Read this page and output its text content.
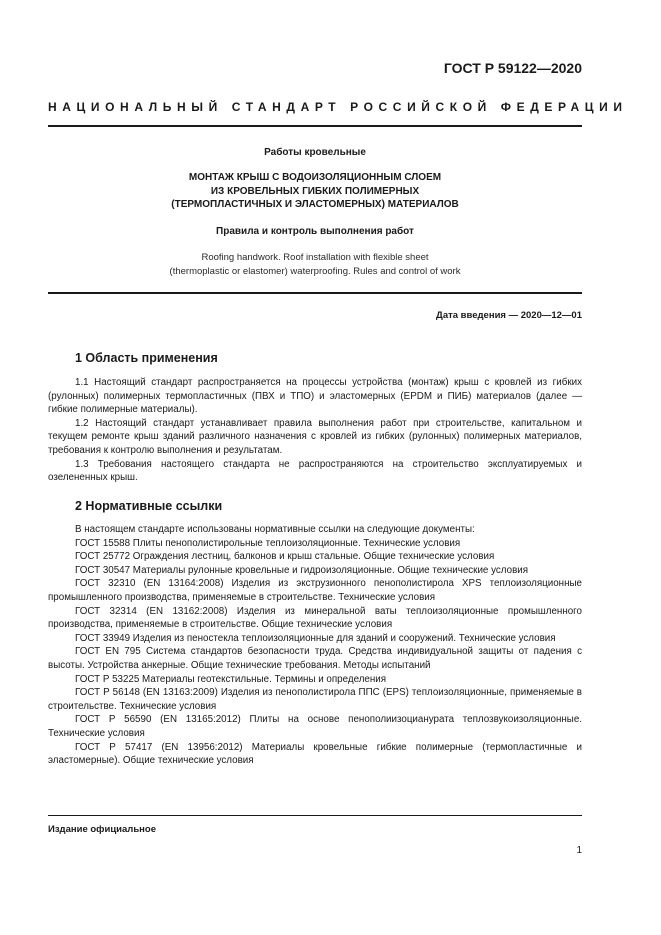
ГОСТ Р 59122—2020
НАЦИОНАЛЬНЫЙ СТАНДАРТ РОССИЙСКОЙ ФЕДЕРАЦИИ
Работы кровельные
МОНТАЖ КРЫШ С ВОДОИЗОЛЯЦИОННЫМ СЛОЕМ
ИЗ КРОВЕЛЬНЫХ ГИБКИХ ПОЛИМЕРНЫХ
(ТЕРМОПЛАСТИЧНЫХ И ЭЛАСТОМЕРНЫХ) МАТЕРИАЛОВ
Правила и контроль выполнения работ
Roofing handwork. Roof installation with flexible sheet
(thermoplastic or elastomer) waterproofing. Rules and control of work
Дата введения — 2020—12—01
1 Область применения

1.1 Настоящий стандарт распространяется на процессы устройства (монтаж) крыш с кровлей из гибких (рулонных) полимерных термопластичных (ПВХ и ТПО) и эластомерных (EPDM и ПИБ) материалов (далее — гибкие полимерные материалы).

1.2 Настоящий стандарт устанавливает правила выполнения работ при строительстве, капитальном и текущем ремонте крыш зданий различного назначения с кровлей из гибких (рулонных) полимерных материалов, требования к контролю выполнения и результатам.

1.3 Требования настоящего стандарта не распространяются на строительство эксплуатируемых и озелененных крыш.

2 Нормативные ссылки

В настоящем стандарте использованы нормативные ссылки на следующие документы:

ГОСТ 15588 Плиты пенополистирольные теплоизоляционные. Технические условия

ГОСТ 25772 Ограждения лестниц, балконов и крыш стальные. Общие технические условия

ГОСТ 30547 Материалы рулонные кровельные и гидроизоляционные. Общие технические условия

ГОСТ 32310 (EN 13164:2008) Изделия из экструзионного пенополистирола XPS теплоизоляционные промышленного производства, применяемые в строительстве. Технические условия

ГОСТ 32314 (EN 13162:2008) Изделия из минеральной ваты теплоизоляционные промышленного производства, применяемые в строительстве. Общие технические условия

ГОСТ 33949 Изделия из пеностекла теплоизоляционные для зданий и сооружений. Технические условия

ГОСТ EN 795 Система стандартов безопасности труда. Средства индивидуальной защиты от падения с высоты. Устройства анкерные. Общие технические требования. Методы испытаний

ГОСТ Р 53225 Материалы геотекстильные. Термины и определения

ГОСТ Р 56148 (EN 13163:2009) Изделия из пенополистирола ППС (EPS) теплоизоляционные, применяемые в строительстве. Технические условия

ГОСТ Р 56590 (EN 13165:2012) Плиты на основе пенополиизоцианурата теплозвукоизоляционные. Технические условия

ГОСТ Р 57417 (EN 13956:2012) Материалы кровельные гибкие полимерные (термопластичные и эластомерные). Общие технические условия

Издание официальное
1
